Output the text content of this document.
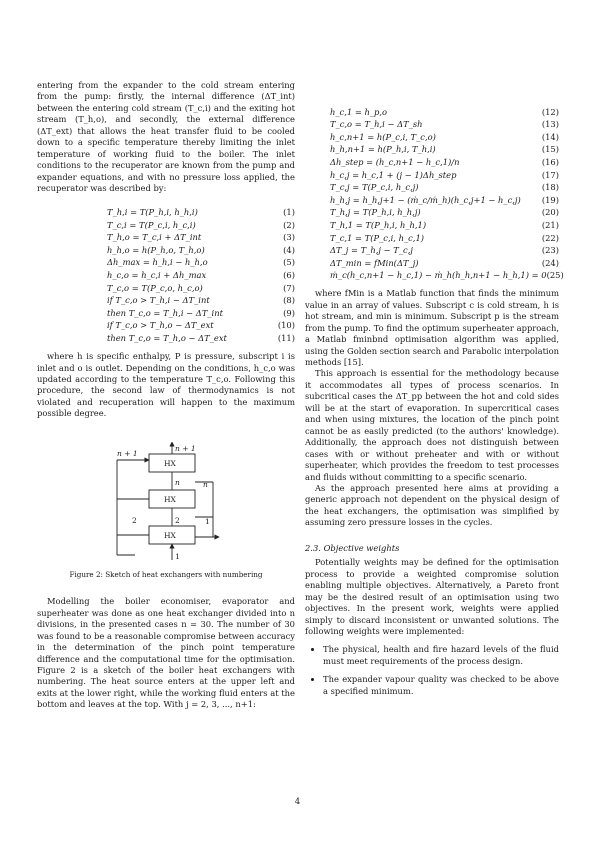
entering from the expander to the cold stream entering from the pump: firstly, the internal difference (ΔT_int) between the entering cold stream (T_c,i) and the exiting hot stream (T_h,o), and secondly, the external difference (ΔT_ext) that allows the heat transfer fluid to be cooled down to a specific temperature thereby limiting the inlet temperature of working fluid to the boiler. The inlet conditions to the recuperator are known from the pump and expander equations, and with no pressure loss applied, the recuperator was described by:

T_h,i = T(P_h,i, h_h,i)	(1)
T_c,i = T(P_c,i, h_c,i)	(2)
T_h,o = T_c,i + ΔT_int	(3)
h_h,o = h(P_h,o, T_h,o)	(4)
Δh_max = h_h,i − h_h,o	(5)
h_c,o = h_c,i + Δh_max	(6)
T_c,o = T(P_c,o, h_c,o)	(7)
if T_c,o > T_h,i − ΔT_int	(8)
then T_c,o = T_h,i − ΔT_int	(9)
if T_c,o > T_h,o − ΔT_ext	(10)
then T_c,o = T_h,o − ΔT_ext	(11)

where h is specific enthalpy, P is pressure, subscript i is inlet and o is outlet. Depending on the conditions, h_c,o was updated according to the temperature T_c,o. Following this procedure, the second law of thermodynamics is not violated and recuperation will happen to the maximum possible degree.

HX
HX
HX
n + 1
n + 1
n	n
2	2	1
1
Figure 2: Sketch of heat exchangers with numbering

Modelling the boiler economiser, evaporator and superheater was done as one heat exchanger divided into n divisions, in the presented cases n = 30. The number of 30 was found to be a reasonable compromise between accuracy in the determination of the pinch point temperature difference and the computational time for the optimisation. Figure 2 is a sketch of the boiler heat exchangers with numbering. The heat source enters at the upper left and exits at the lower right, while the working fluid enters at the bottom and leaves at the top. With j = 2, 3, ..., n+1:

h_c,1 = h_p,o	(12)
T_c,o = T_h,i − ΔT_sh	(13)
h_c,n+1 = h(P_c,i, T_c,o)	(14)
h_h,n+1 = h(P_h,i, T_h,i)	(15)
Δh_step = (h_c,n+1 − h_c,1)/n	(16)
h_c,j = h_c,1 + (j − 1)Δh_step	(17)
T_c,j = T(P_c,i, h_c,j)	(18)
h_h,j = h_h,j+1 − (ṁ_c/ṁ_h)(h_c,j+1 − h_c,j)	(19)
T_h,j = T(P_h,i, h_h,j)	(20)
T_h,1 = T(P_h,i, h_h,1)	(21)
T_c,1 = T(P_c,i, h_c,1)	(22)
ΔT_j = T_h,j − T_c,j	(23)
ΔT_min = fMin(ΔT_j)	(24)
ṁ_c(h_c,n+1 − h_c,1) − ṁ_h(h_h,n+1 − h_h,1) = 0 (25)

where fMin is a Matlab function that finds the minimum value in an array of values. Subscript c is cold stream, h is hot stream, and min is minimum. Subscript p is the stream from the pump. To find the optimum superheater approach, a Matlab fminbnd optimisation algorithm was applied, using the Golden section search and Parabolic interpolation methods [15].

This approach is essential for the methodology because it accommodates all types of process scenarios. In subcritical cases the ΔT_pp between the hot and cold sides will be at the start of evaporation. In supercritical cases and when using mixtures, the location of the pinch point cannot be as easily predicted (to the authors' knowledge). Additionally, the approach does not distinguish between cases with or without preheater and with or without superheater, which provides the freedom to test processes and fluids without committing to a specific scenario.

As the approach presented here aims at providing a generic approach not dependent on the physical design of the heat exchangers, the optimisation was simplified by assuming zero pressure losses in the cycles.

2.3. Objective weights

Potentially weights may be defined for the optimisation process to provide a weighted compromise solution enabling multiple objectives. Alternatively, a Pareto front may be the desired result of an optimisation using two objectives. In the present work, weights were applied simply to discard inconsistent or unwanted solutions. The following weights were implemented:

• The physical, health and fire hazard levels of the fluid must meet requirements of the process design.
• The expander vapour quality was checked to be above a specified minimum.
4
